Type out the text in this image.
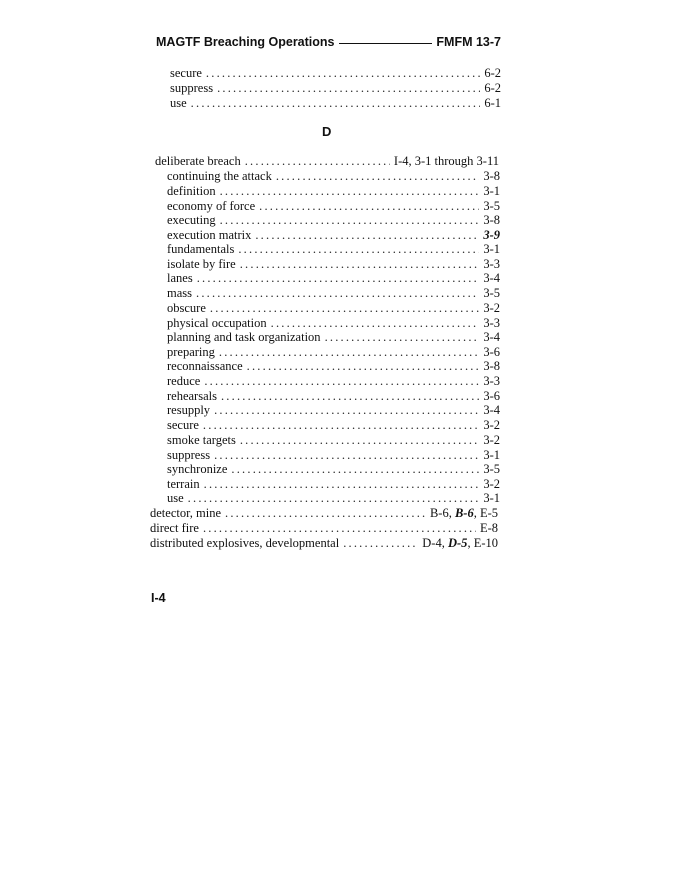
MAGTF Breaching Operations	FMFM 13-7
D
secure .....	6-2
suppress .....	6-2
use .....	6-1
deliberate breach .....	I-4, 3-1 through 3-11
continuing the attack .....	3-8
definition .....	3-1
economy of force .....	3-5
executing .....	3-8
execution matrix .....	3-9
fundamentals .....	3-1
isolate by fire .....	3-3
lanes .....	3-4
mass .....	3-5
obscure .....	3-2
physical occupation .....	3-3
planning and task organization .....	3-4
preparing .....	3-6
reconnaissance .....	3-8
reduce .....	3-3
rehearsals .....	3-6
resupply .....	3-4
secure .....	3-2
smoke targets .....	3-2
suppress .....	3-1
synchronize .....	3-5
terrain .....	3-2
use .....	3-1
detector, mine .....	B-6, B-6, E-5
direct fire .....	E-8
distributed explosives, developmental .....	D-4, D-5, E-10
I-4
